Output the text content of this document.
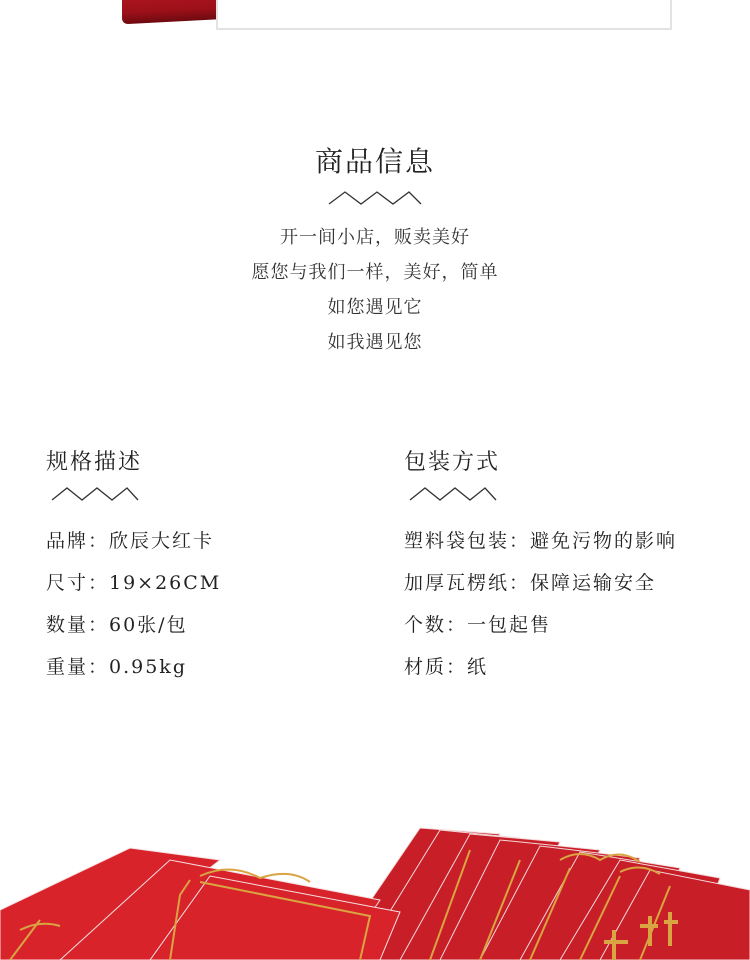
商品信息
开一间小店，贩卖美好
愿您与我们一样，美好，简单
如您遇见它
如我遇见您
规格描述
品牌：欣辰大红卡
尺寸：19×26CM
数量：60张/包
重量：0.95kg
包装方式
塑料袋包装：避免污物的影响
加厚瓦楞纸：保障运输安全
个数：一包起售
材质：纸
